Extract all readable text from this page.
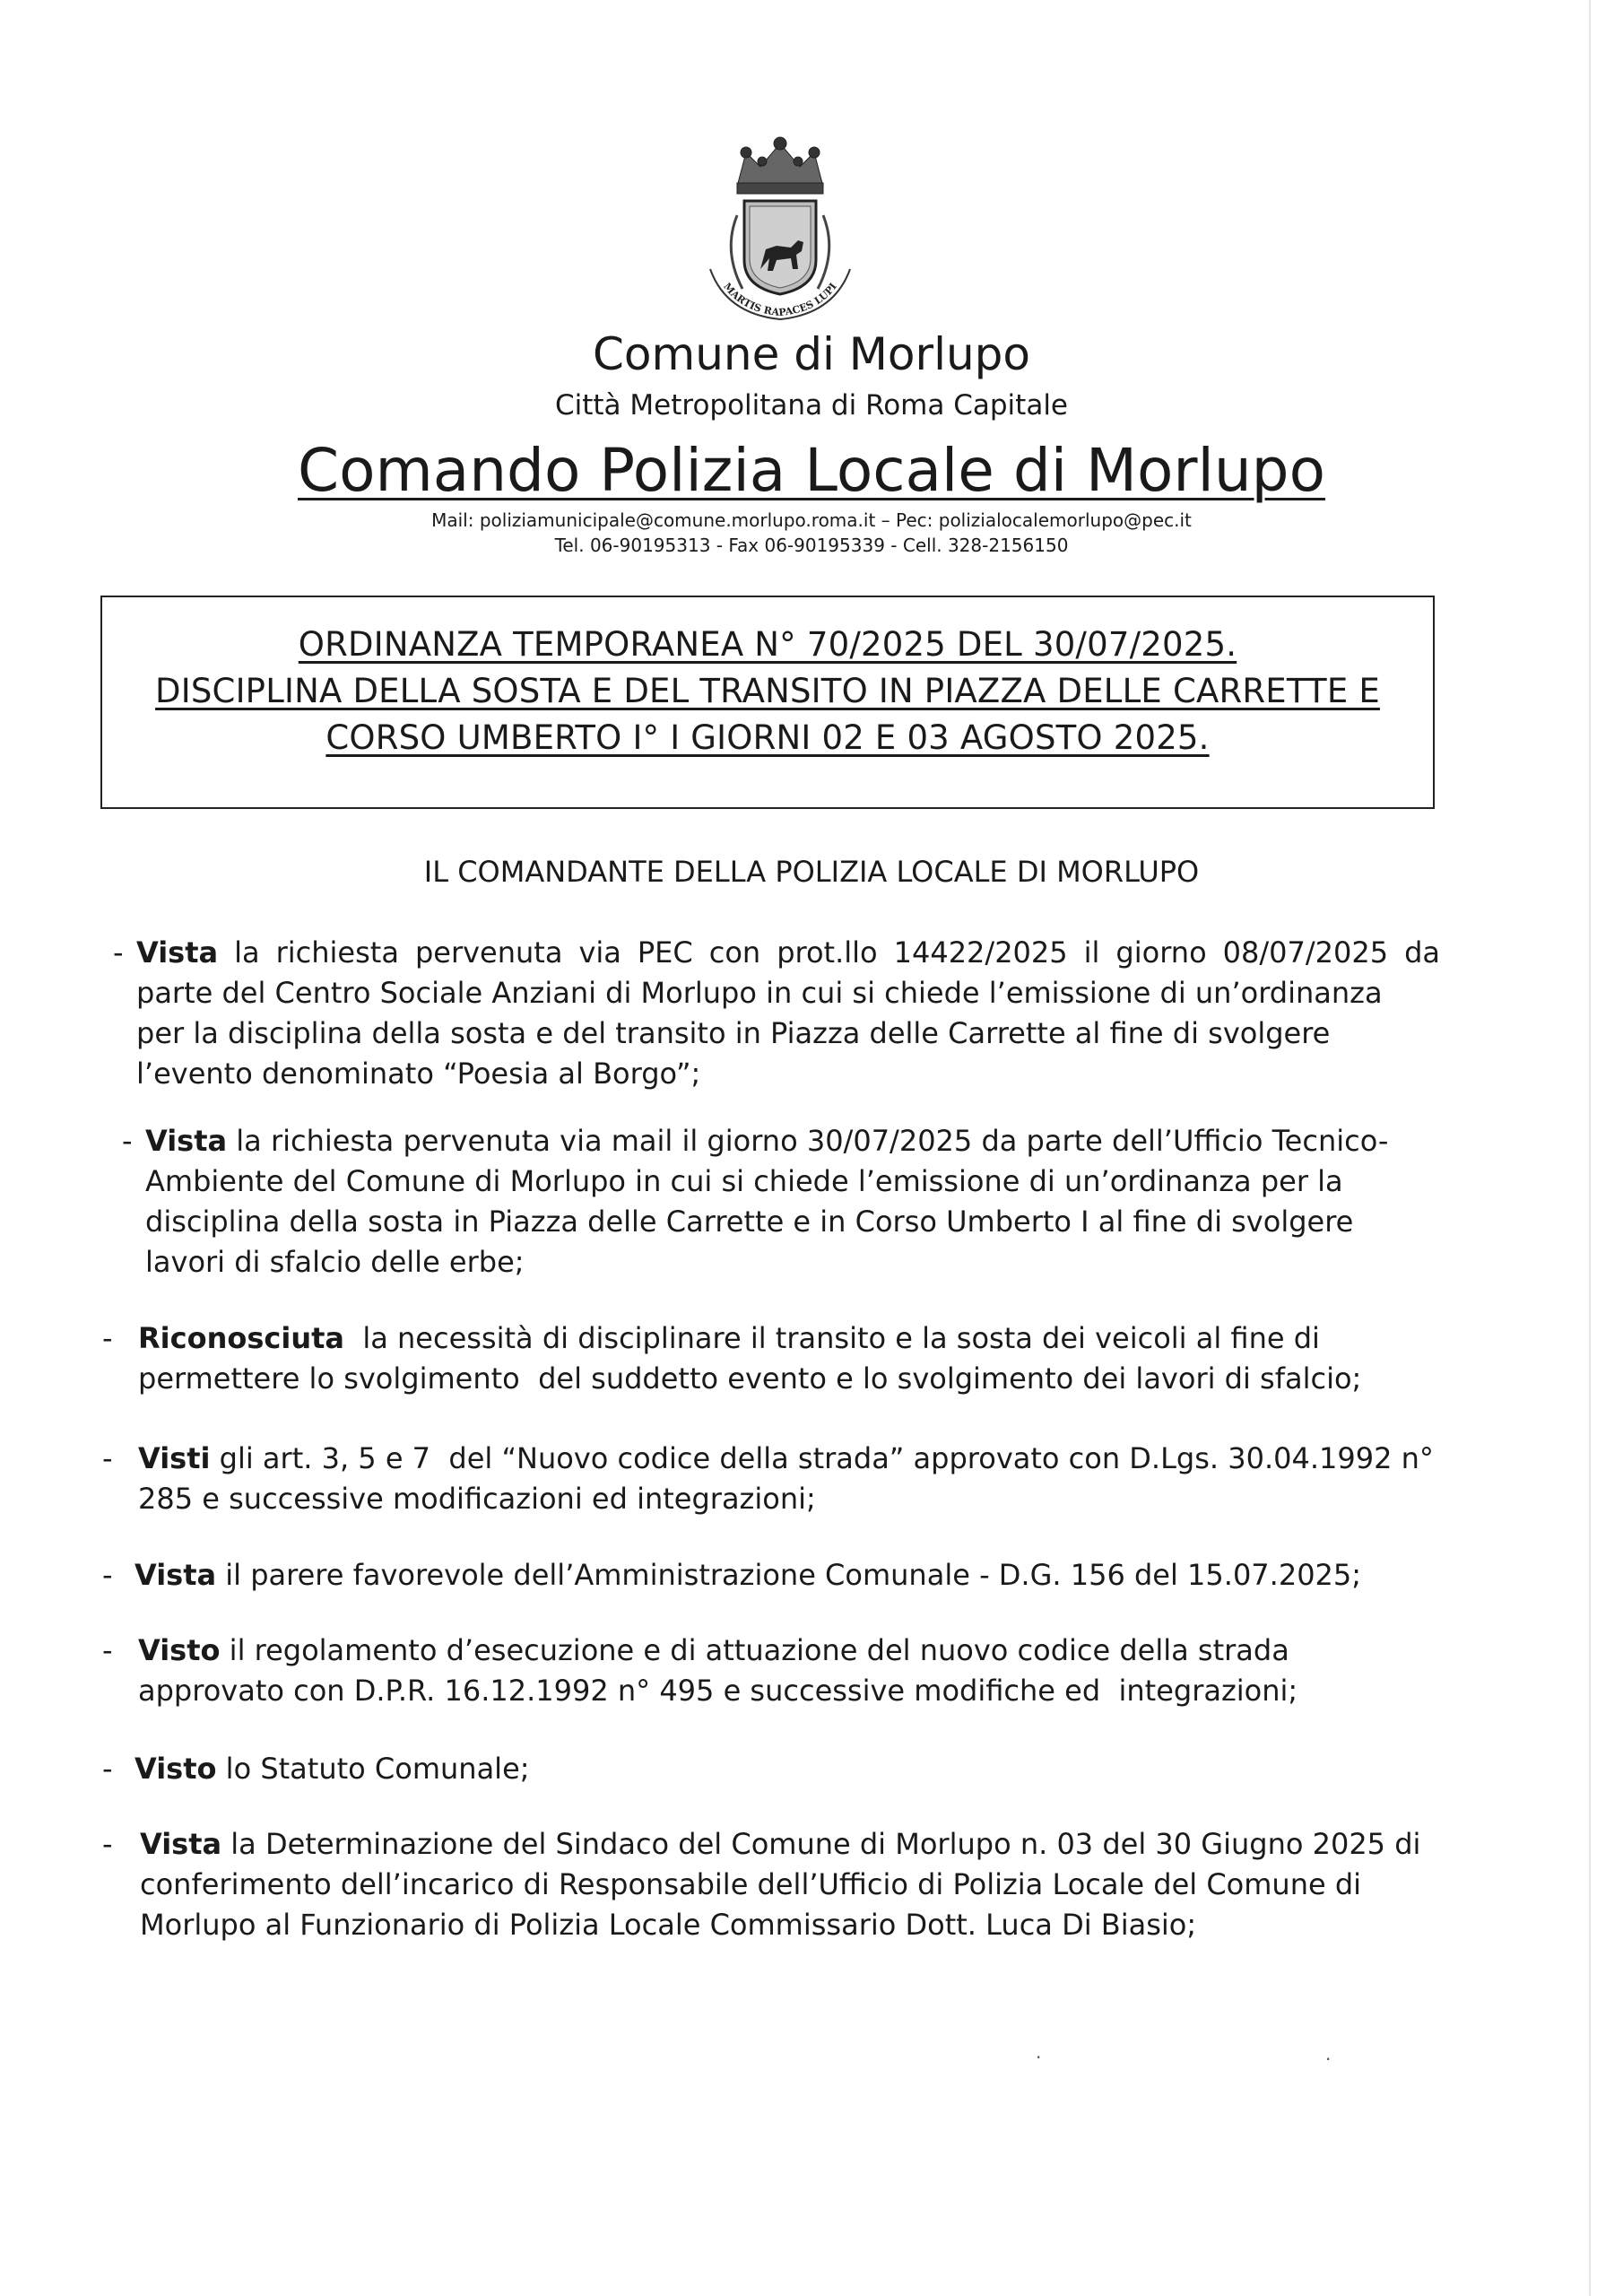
MARTIS RAPACES LUPI
Comune di Morlupo
Città Metropolitana di Roma Capitale
Comando Polizia Locale di Morlupo
Mail: poliziamunicipale@comune.morlupo.roma.it – Pec: polizialocalemorlupo@pec.it
Tel. 06-90195313 - Fax 06-90195339 - Cell. 328-2156150
ORDINANZA TEMPORANEA N° 70/2025 DEL 30/07/2025.
DISCIPLINA DELLA SOSTA E DEL TRANSITO IN PIAZZA DELLE CARRETTE E
CORSO UMBERTO I° I GIORNI 02 E 03 AGOSTO 2025.
IL COMANDANTE DELLA POLIZIA LOCALE DI MORLUPO
- Vista la richiesta pervenuta via PEC con prot.llo 14422/2025 il giorno 08/07/2025 da
parte del Centro Sociale Anziani di Morlupo in cui si chiede l’emissione di un’ordinanza
per la disciplina della sosta e del transito in Piazza delle Carrette al fine di svolgere
l’evento denominato “Poesia al Borgo”;
- Vista la richiesta pervenuta via mail il giorno 30/07/2025 da parte dell’Ufficio Tecnico-
Ambiente del Comune di Morlupo in cui si chiede l’emissione di un’ordinanza per la
disciplina della sosta in Piazza delle Carrette e in Corso Umberto I al fine di svolgere
lavori di sfalcio delle erbe;
- Riconosciuta  la necessità di disciplinare il transito e la sosta dei veicoli al fine di
permettere lo svolgimento  del suddetto evento e lo svolgimento dei lavori di sfalcio;
- Visti gli art. 3, 5 e 7  del “Nuovo codice della strada” approvato con D.Lgs. 30.04.1992 n°
285 e successive modificazioni ed integrazioni;
- Vista il parere favorevole dell’Amministrazione Comunale - D.G. 156 del 15.07.2025;
- Visto il regolamento d’esecuzione e di attuazione del nuovo codice della strada
approvato con D.P.R. 16.12.1992 n° 495 e successive modifiche ed  integrazioni;
- Visto lo Statuto Comunale;
- Vista la Determinazione del Sindaco del Comune di Morlupo n. 03 del 30 Giugno 2025 di
conferimento dell’incarico di Responsabile dell’Ufficio di Polizia Locale del Comune di
Morlupo al Funzionario di Polizia Locale Commissario Dott. Luca Di Biasio;
·	·
